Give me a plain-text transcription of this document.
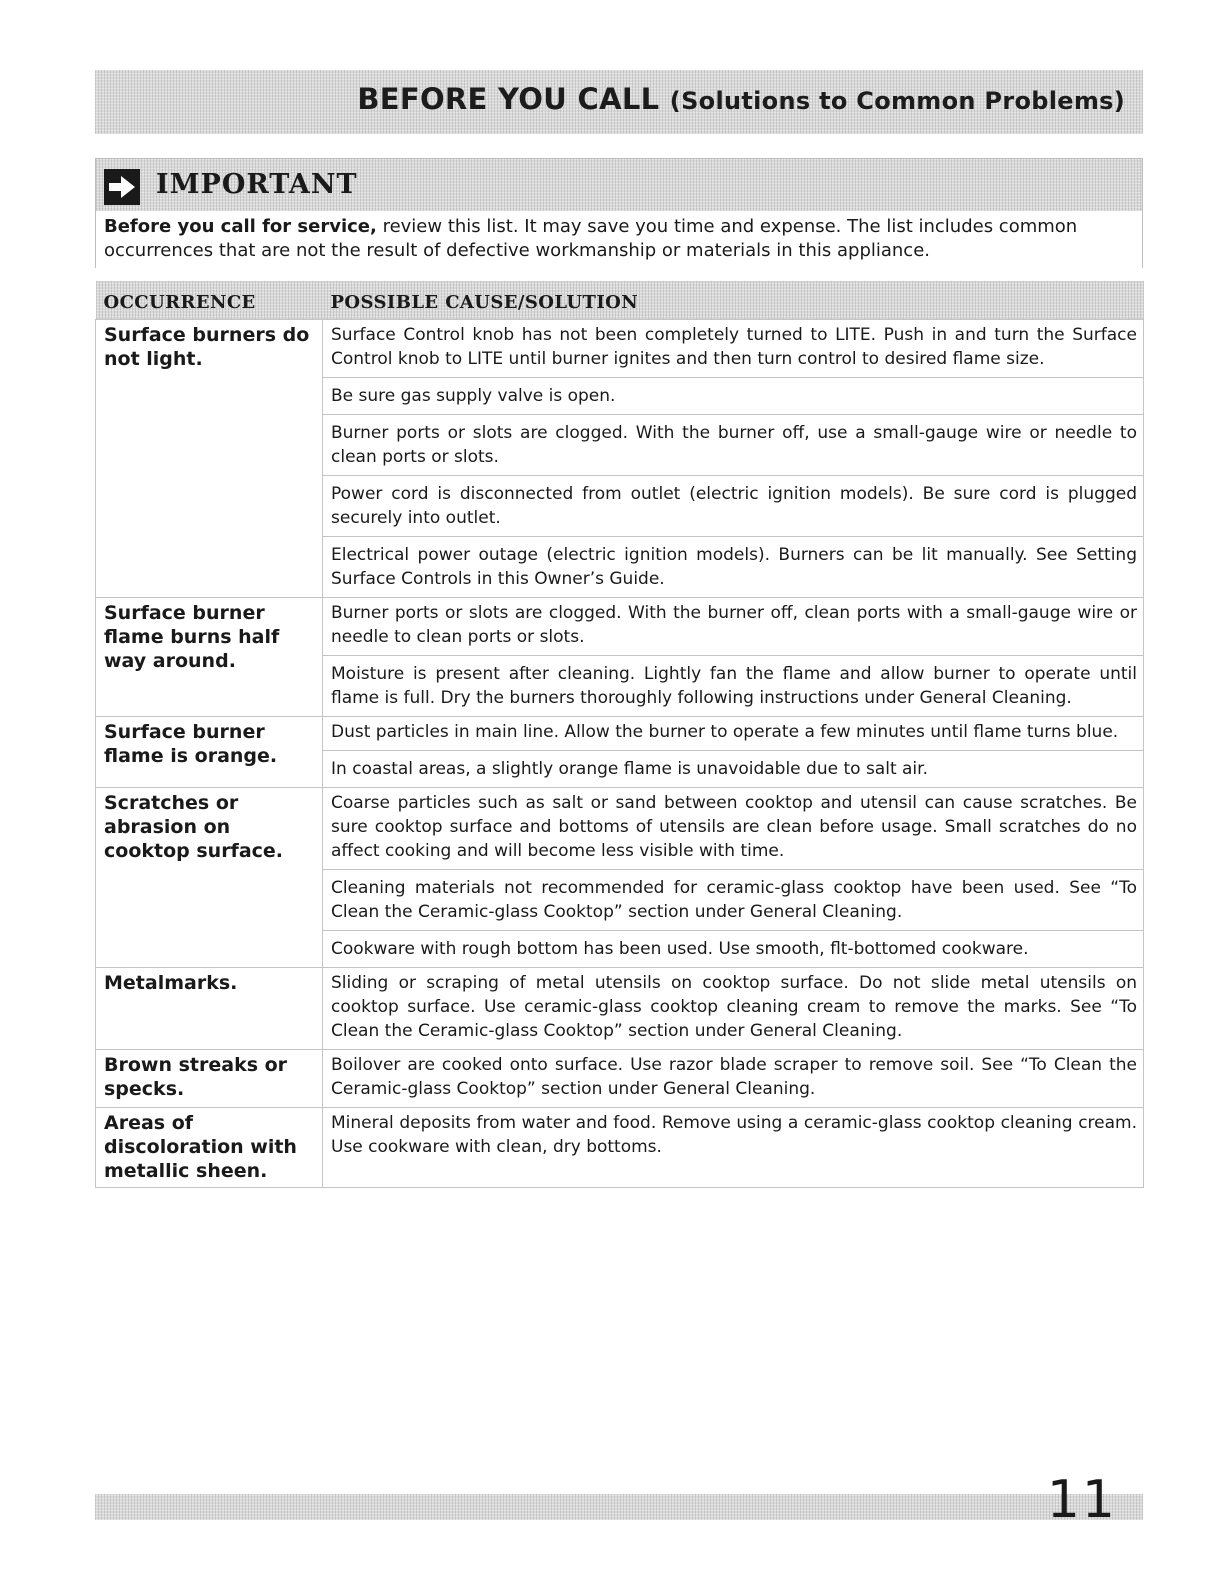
BEFORE YOU CALL (Solutions to Common Problems)
IMPORTANT
Before you call for service, review this list. It may save you time and expense. The list includes common occurrences that are not the result of defective workmanship or materials in this appliance.
OCCURRENCE	POSSIBLE CAUSE/SOLUTION
Surface burners do not light.	Surface Control knob has not been completely turned to LITE. Push in and turn the Surface Control knob to LITE until burner ignites and then turn control to desired flame size.
Be sure gas supply valve is open.
Burner ports or slots are clogged. With the burner off, use a small-gauge wire or needle to clean ports or slots.
Power cord is disconnected from outlet (electric ignition models). Be sure cord is plugged securely into outlet.
Electrical power outage (electric ignition models). Burners can be lit manually. See Setting Surface Controls in this Owner’s Guide.

Surface burner flame burns half way around.	Burner ports or slots are clogged. With the burner off, clean ports with a small-gauge wire or needle to clean ports or slots.
Moisture is present after cleaning. Lightly fan the flame and allow burner to operate until flame is full. Dry the burners thoroughly following instructions under General Cleaning.

Surface burner flame is orange.	Dust particles in main line. Allow the burner to operate a few minutes until flame turns blue.
In coastal areas, a slightly orange flame is unavoidable due to salt air.

Scratches or abrasion on cooktop surface.	Coarse particles such as salt or sand between cooktop and utensil can cause scratches. Be sure cooktop surface and bottoms of utensils are clean before usage. Small scratches do no affect cooking and will become less visible with time.
Cleaning materials not recommended for ceramic-glass cooktop have been used. See “To Clean the Ceramic-glass Cooktop” section under General Cleaning.
Cookware with rough bottom has been used. Use smooth, flt-bottomed cookware.

Metalmarks.	Sliding or scraping of metal utensils on cooktop surface. Do not slide metal utensils on cooktop surface. Use ceramic-glass cooktop cleaning cream to remove the marks. See “To Clean the Ceramic-glass Cooktop” section under General Cleaning.

Brown streaks or specks.	Boilover are cooked onto surface. Use razor blade scraper to remove soil. See “To Clean the Ceramic-glass Cooktop” section under General Cleaning.

Areas of discoloration with metallic sheen.	Mineral deposits from water and food. Remove using a ceramic-glass cooktop cleaning cream. Use cookware with clean, dry bottoms.
11
